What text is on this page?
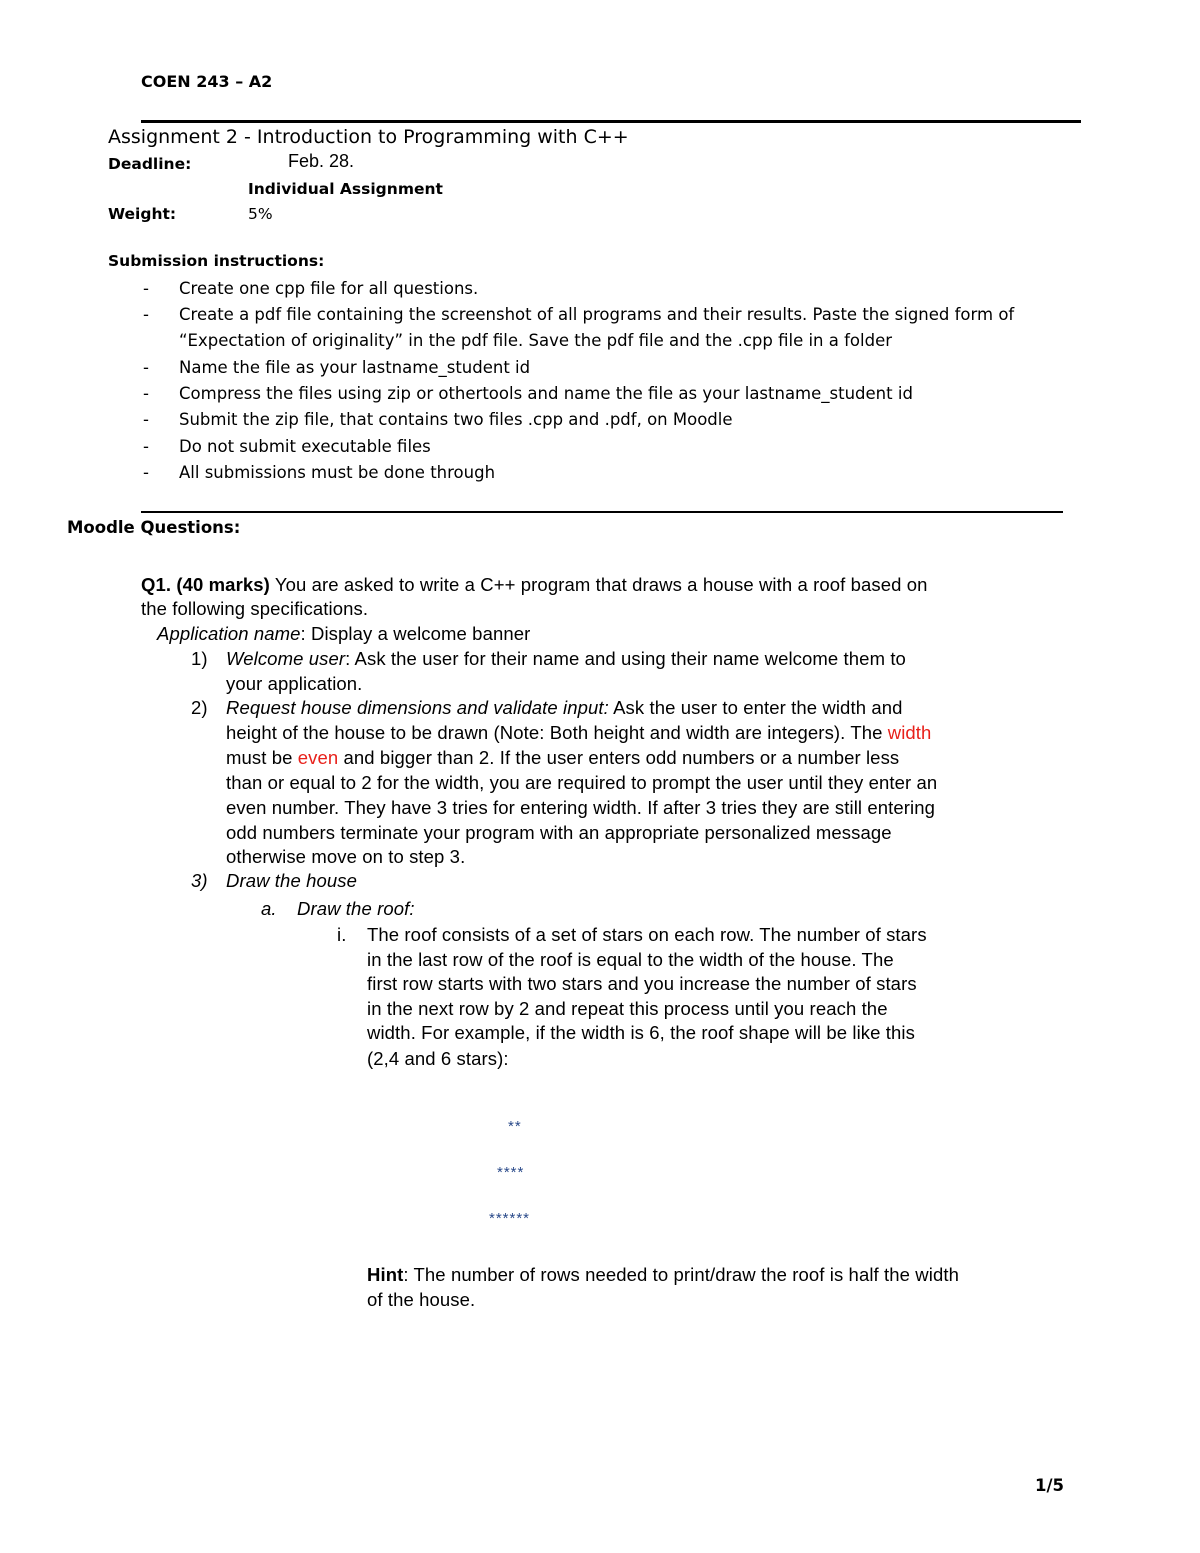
COEN 243 – A2
Assignment 2 - Introduction to Programming with C++
Deadline:	Feb. 28.
Individual Assignment
Weight:	5%
Submission instructions:
- Create one cpp file for all questions.
- Create a pdf file containing the screenshot of all programs and their results. Paste the signed form of
“Expectation of originality” in the pdf file. Save the pdf file and the .cpp file in a folder
- Name the file as your lastname_student id
- Compress the files using zip or othertools and name the file as your lastname_student id
- Submit the zip file, that contains two files .cpp and .pdf, on Moodle
- Do not submit executable files
- All submissions must be done through
Moodle Questions:
Q1. (40 marks) You are asked to write a C++ program that draws a house with a roof based on
the following specifications.
Application name: Display a welcome banner
1) Welcome user: Ask the user for their name and using their name welcome them to
your application.
2) Request house dimensions and validate input: Ask the user to enter the width and
height of the house to be drawn (Note: Both height and width are integers). The width
must be even and bigger than 2. If the user enters odd numbers or a number less
than or equal to 2 for the width, you are required to prompt the user until they enter an
even number. They have 3 tries for entering width. If after 3 tries they are still entering
odd numbers terminate your program with an appropriate personalized message
otherwise move on to step 3.
3) Draw the house
a. Draw the roof:
i. The roof consists of a set of stars on each row. The number of stars
in the last row of the roof is equal to the width of the house. The
first row starts with two stars and you increase the number of stars
in the next row by 2 and repeat this process until you reach the
width. For example, if the width is 6, the roof shape will be like this
(2,4 and 6 stars):
**
****
******
Hint: The number of rows needed to print/draw the roof is half the width
of the house.
1/5
